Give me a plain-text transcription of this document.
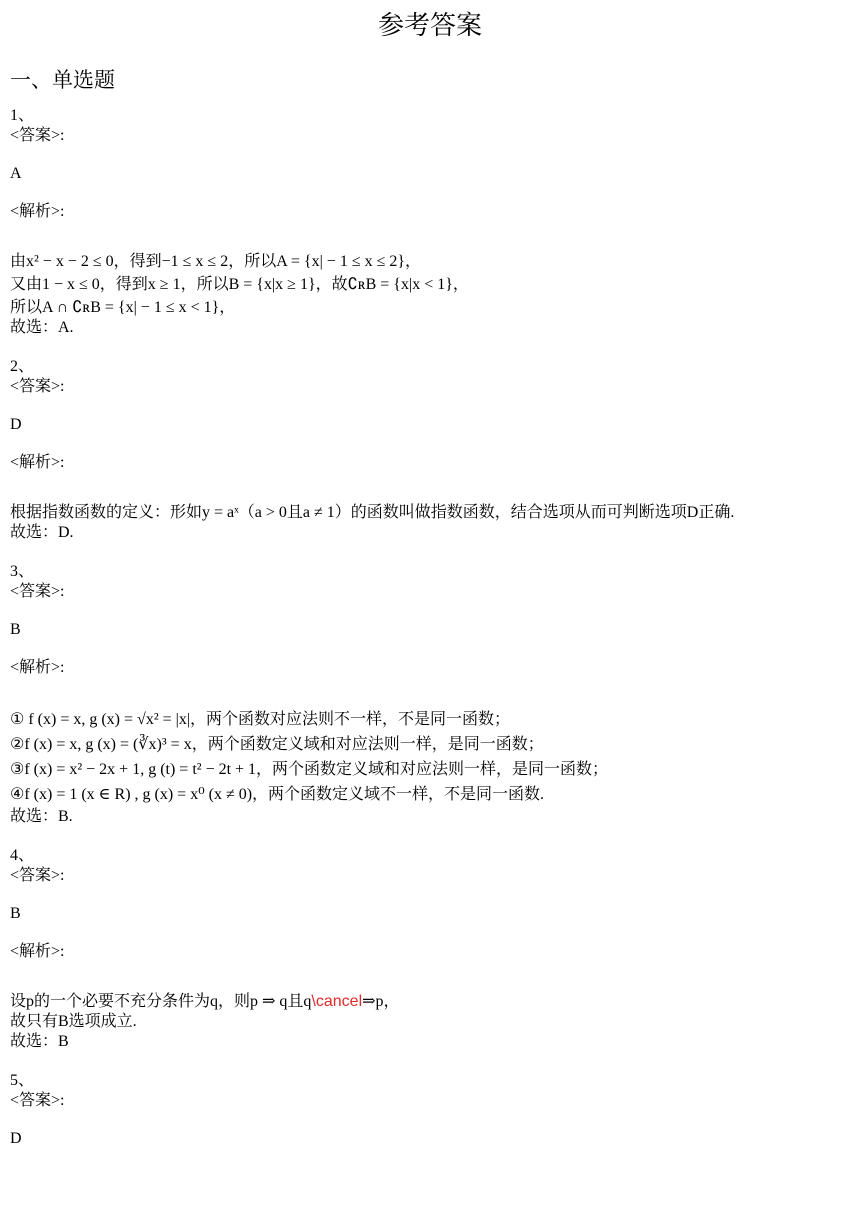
参考答案
一、单选题
1、
<答案>:
A
<解析>:
由x² − x − 2 ≤ 0，得到−1 ≤ x ≤ 2，所以A = {x| − 1 ≤ x ≤ 2}，
又由1 − x ≤ 0，得到x ≥ 1，所以B = {x|x ≥ 1}，故∁ʀB = {x|x < 1}，
所以A ∩ ∁ʀB = {x| − 1 ≤ x < 1}，
故选：A.
2、
<答案>:
D
<解析>:
根据指数函数的定义：形如y = aˣ（a > 0且a ≠ 1）的函数叫做指数函数，结合选项从而可判断选项D正确.
故选：D.
3、
<答案>:
B
<解析>:
① f (x) = x, g (x) = √x² = |x|，两个函数对应法则不一样，不是同一函数；
②f (x) = x, g (x) = (∛x)³ = x，两个函数定义域和对应法则一样，是同一函数；
③f (x) = x² − 2x + 1, g (t) = t² − 2t + 1，两个函数定义域和对应法则一样，是同一函数；
④f (x) = 1 (x ∈ R) , g (x) = x⁰ (x ≠ 0)，两个函数定义域不一样，不是同一函数.
故选：B.
4、
<答案>:
B
<解析>:
设p的一个必要不充分条件为q，则p ⇒ q且q\cancel⇒p，
故只有B选项成立.
故选：B
5、
<答案>:
D
